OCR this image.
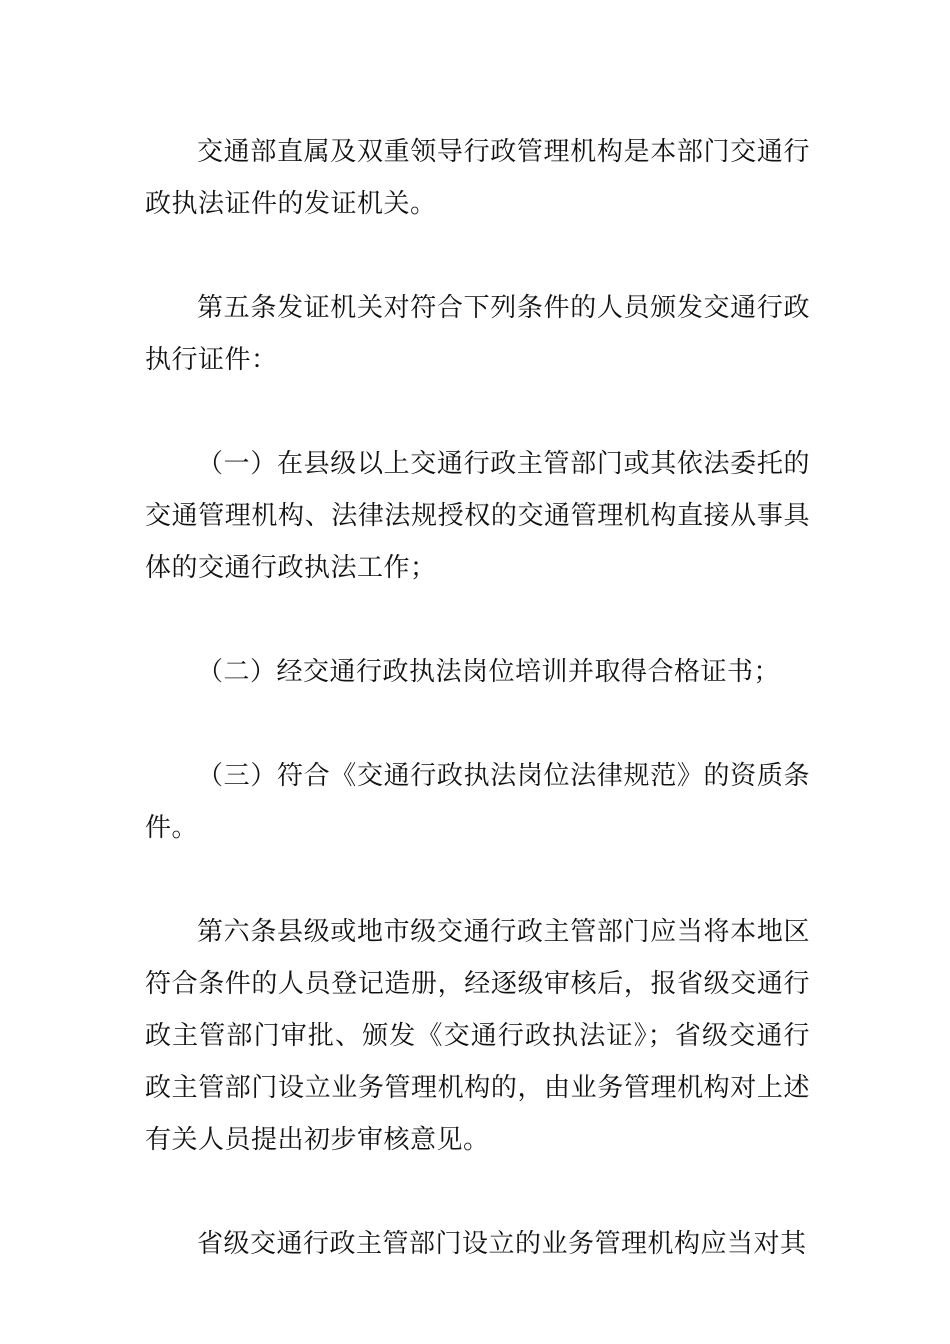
交通部直属及双重领导行政管理机构是本部门交通行政执法证件的发证机关。

第五条发证机关对符合下列条件的人员颁发交通行政执行证件：

（一）在县级以上交通行政主管部门或其依法委托的交通管理机构、法律法规授权的交通管理机构直接从事具体的交通行政执法工作；

（二）经交通行政执法岗位培训并取得合格证书；

（三）符合《交通行政执法岗位法律规范》的资质条件。

第六条县级或地市级交通行政主管部门应当将本地区符合条件的人员登记造册，经逐级审核后，报省级交通行政主管部门审批、颁发《交通行政执法证》；省级交通行政主管部门设立业务管理机构的，由业务管理机构对上述有关人员提出初步审核意见。

省级交通行政主管部门设立的业务管理机构应当对其
